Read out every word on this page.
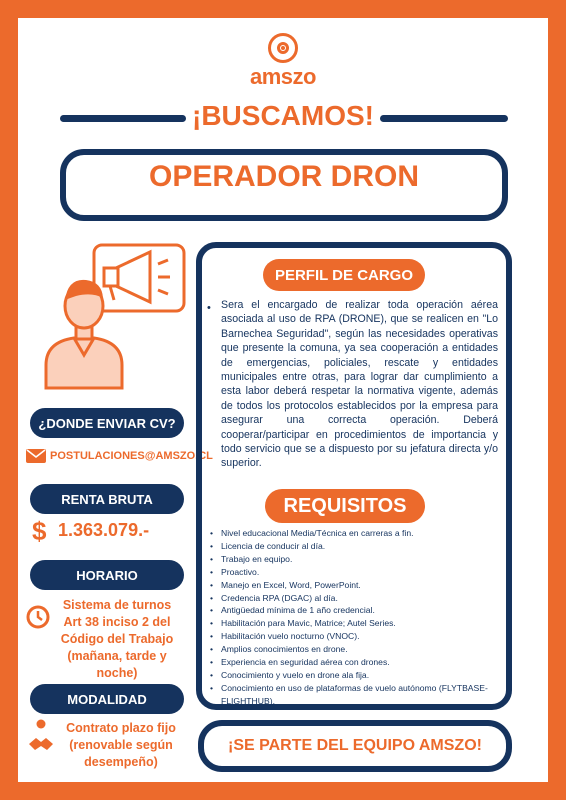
amszo
¡BUSCAMOS!
OPERADOR DRON
¿DONDE ENVIAR CV?
POSTULACIONES@AMSZO.CL
RENTA BRUTA
$ 1.363.079.-
HORARIO
Sistema de turnos
Art 38 inciso 2 del
Código del Trabajo
(mañana, tarde y
noche)
MODALIDAD
Contrato plazo fijo
(renovable según
desempeño)
PERFIL DE CARGO
• Sera el encargado de realizar toda operación aérea asociada al uso de RPA (DRONE), que se realicen en "Lo Barnechea Seguridad", según las necesidades operativas que presente la comuna, ya sea cooperación a entidades de emergencias, policiales, rescate y entidades municipales entre otras, para lograr dar cumplimiento a esta labor deberá respetar la normativa vigente, además de todos los protocolos establecidos por la empresa para asegurar una correcta operación. Deberá cooperar/participar en procedimientos de importancia y todo servicio que se a dispuesto por su jefatura directa y/o superior.
REQUISITOS
• Nivel educacional Media/Técnica en carreras a fin.
• Licencia de conducir al día.
• Trabajo en equipo.
• Proactivo.
• Manejo en Excel, Word, PowerPoint.
• Credencia RPA (DGAC) al día.
• Antigüedad mínima de 1 año credencial.
• Habilitación para Mavic, Matrice; Autel Series.
• Habilitación vuelo nocturno (VNOC).
• Amplios conocimientos en drone.
• Experiencia en seguridad aérea con drones.
• Conocimiento y vuelo en drone ala fija.
• Conocimiento en uso de plataformas de vuelo autónomo (FLYTBASE-FLIGHTHUB).
¡SE PARTE DEL EQUIPO AMSZO!
